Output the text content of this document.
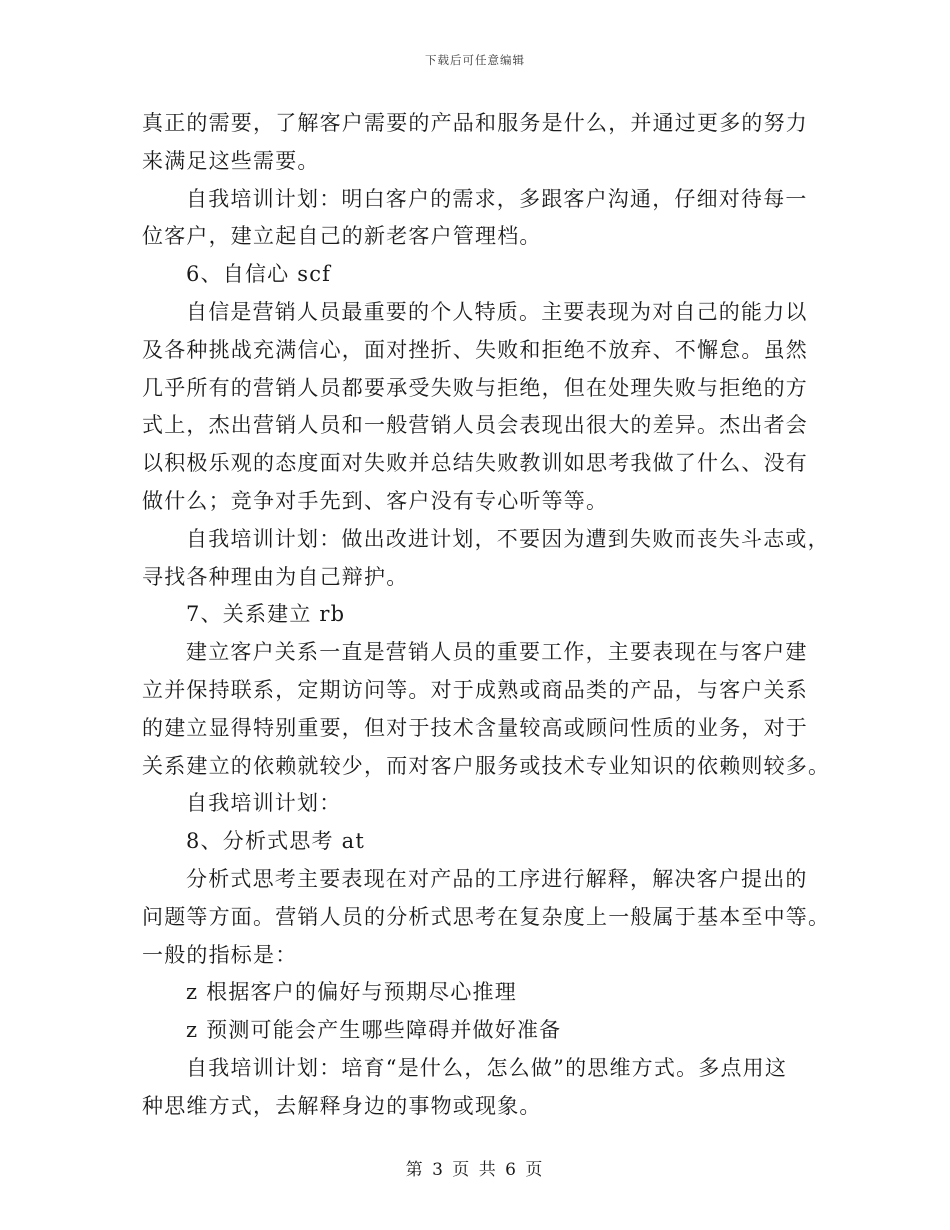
下载后可任意编辑
真正的需要，了解客户需要的产品和服务是什么，并通过更多的努力
来满足这些需要。
自我培训计划：明白客户的需求，多跟客户沟通，仔细对待每一
位客户，建立起自己的新老客户管理档。
6、自信心 scf
自信是营销人员最重要的个人特质。主要表现为对自己的能力以
及各种挑战充满信心，面对挫折、失败和拒绝不放弃、不懈怠。虽然
几乎所有的营销人员都要承受失败与拒绝，但在处理失败与拒绝的方
式上，杰出营销人员和一般营销人员会表现出很大的差异。杰出者会
以积极乐观的态度面对失败并总结失败教训如思考我做了什么、没有
做什么；竞争对手先到、客户没有专心听等等。
自我培训计划：做出改进计划，不要因为遭到失败而丧失斗志或，
寻找各种理由为自己辩护。
7、关系建立 rb
建立客户关系一直是营销人员的重要工作，主要表现在与客户建
立并保持联系，定期访问等。对于成熟或商品类的产品，与客户关系
的建立显得特别重要，但对于技术含量较高或顾问性质的业务，对于
关系建立的依赖就较少，而对客户服务或技术专业知识的依赖则较多。
自我培训计划：
8、分析式思考 at
分析式思考主要表现在对产品的工序进行解释，解决客户提出的
问题等方面。营销人员的分析式思考在复杂度上一般属于基本至中等。
一般的指标是：
z 根据客户的偏好与预期尽心推理
z 预测可能会产生哪些障碍并做好准备
自我培训计划：培育“是什么，怎么做”的思维方式。多点用这
种思维方式，去解释身边的事物或现象。
第 3 页 共 6 页
